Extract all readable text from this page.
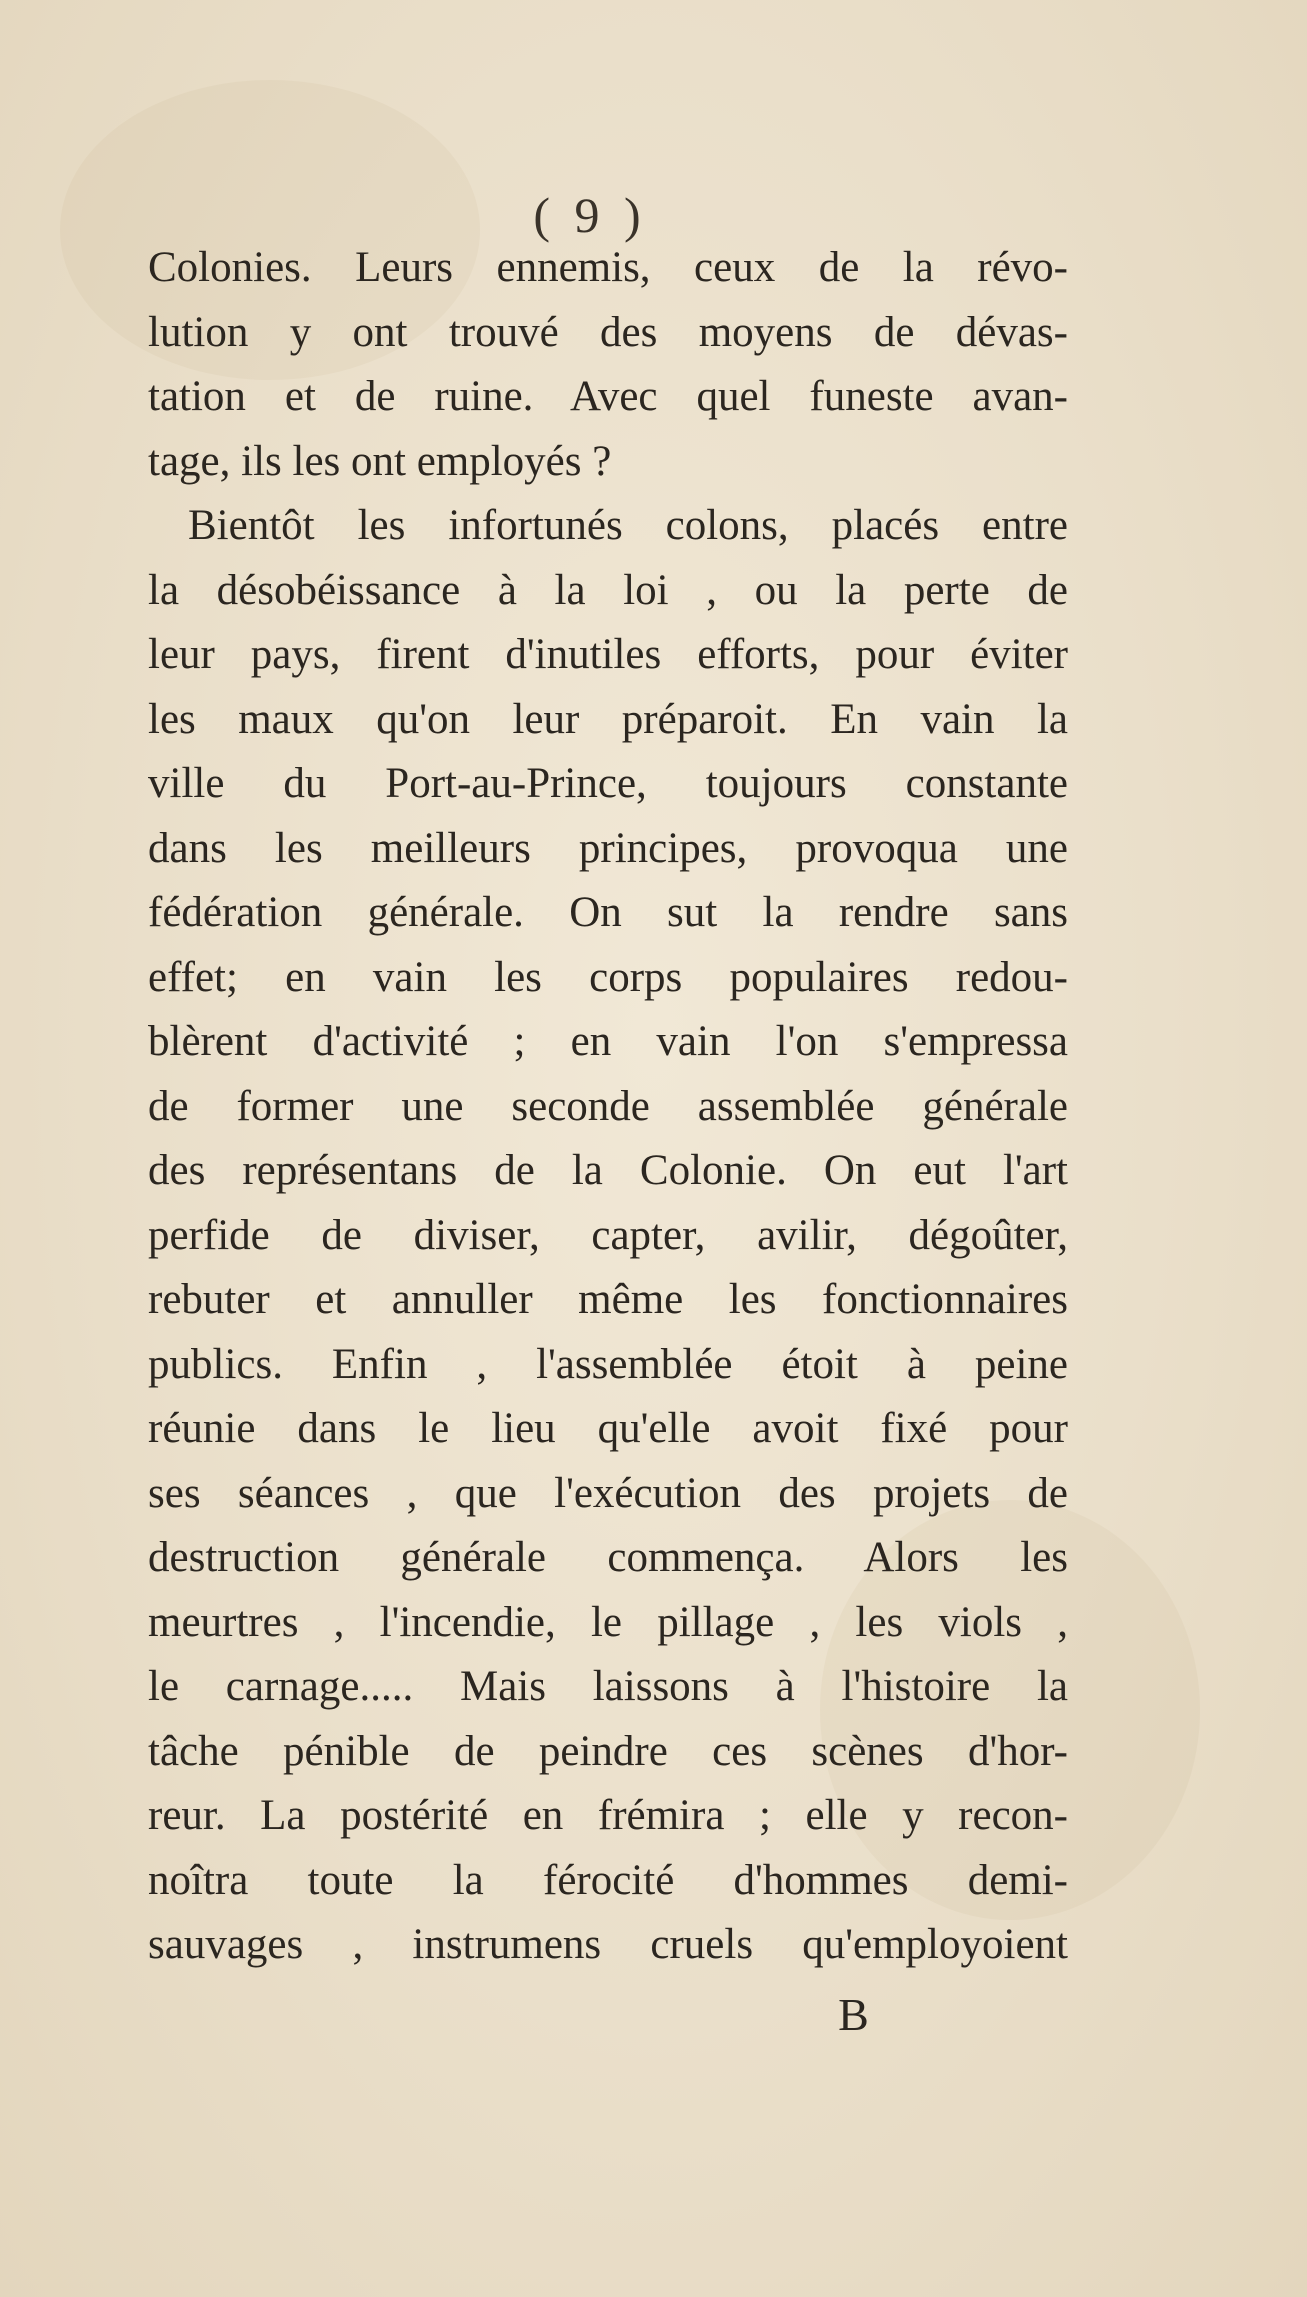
( 9 )
Colonies. Leurs ennemis, ceux de la révo-
lution y ont trouvé des moyens de dévas-
tation et de ruine. Avec quel funeste avan-
tage, ils les ont employés ?
Bientôt les infortunés colons, placés entre
la désobéissance à la loi , ou la perte de
leur pays, firent d'inutiles efforts, pour éviter
les maux qu'on leur préparoit. En vain la
ville du Port-au-Prince, toujours constante
dans les meilleurs principes, provoqua une
fédération générale. On sut la rendre sans
effet; en vain les corps populaires redou-
blèrent d'activité ; en vain l'on s'empressa
de former une seconde assemblée générale
des représentans de la Colonie. On eut l'art
perfide de diviser, capter, avilir, dégoûter,
rebuter et annuller même les fonctionnaires
publics. Enfin , l'assemblée étoit à peine
réunie dans le lieu qu'elle avoit fixé pour
ses séances , que l'exécution des projets de
destruction générale commença. Alors les
meurtres , l'incendie, le pillage , les viols ,
le carnage..... Mais laissons à l'histoire la
tâche pénible de peindre ces scènes d'hor-
reur. La postérité en frémira ; elle y recon-
noîtra toute la férocité d'hommes demi-
sauvages , instrumens cruels qu'employoient
B
